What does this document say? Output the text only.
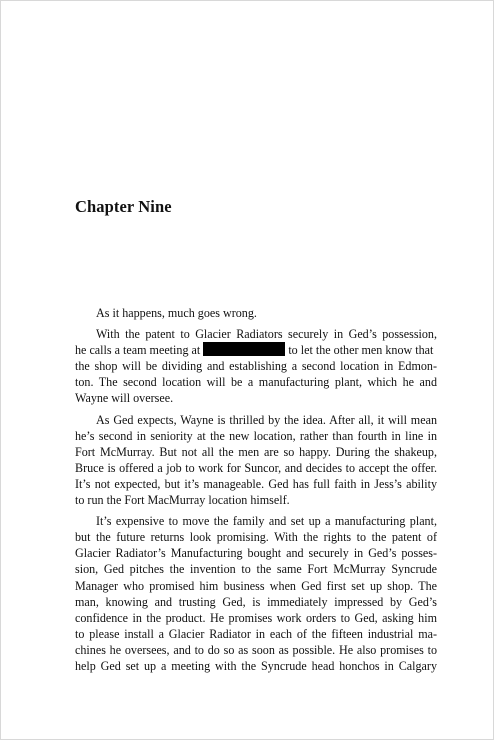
Chapter Nine
As it happens, much goes wrong.
With the patent to Glacier Radiators securely in Ged’s possession,
he calls a team meeting at	to let the other men know that
the shop will be dividing and establishing a second location in Edmon-
ton. The second location will be a manufacturing plant, which he and
Wayne will oversee.
As Ged expects, Wayne is thrilled by the idea. After all, it will mean
he’s second in seniority at the new location, rather than fourth in line in
Fort McMurray. But not all the men are so happy. During the shakeup,
Bruce is offered a job to work for Suncor, and decides to accept the offer.
It’s not expected, but it’s manageable. Ged has full faith in Jess’s ability
to run the Fort MacMurray location himself.
It’s expensive to move the family and set up a manufacturing plant,
but the future returns look promising. With the rights to the patent of
Glacier Radiator’s Manufacturing bought and securely in Ged’s posses-
sion, Ged pitches the invention to the same Fort McMurray Syncrude
Manager who promised him business when Ged first set up shop. The
man, knowing and trusting Ged, is immediately impressed by Ged’s
confidence in the product. He promises work orders to Ged, asking him
to please install a Glacier Radiator in each of the fifteen industrial ma-
chines he oversees, and to do so as soon as possible. He also promises to
help Ged set up a meeting with the Syncrude head honchos in Calgary
